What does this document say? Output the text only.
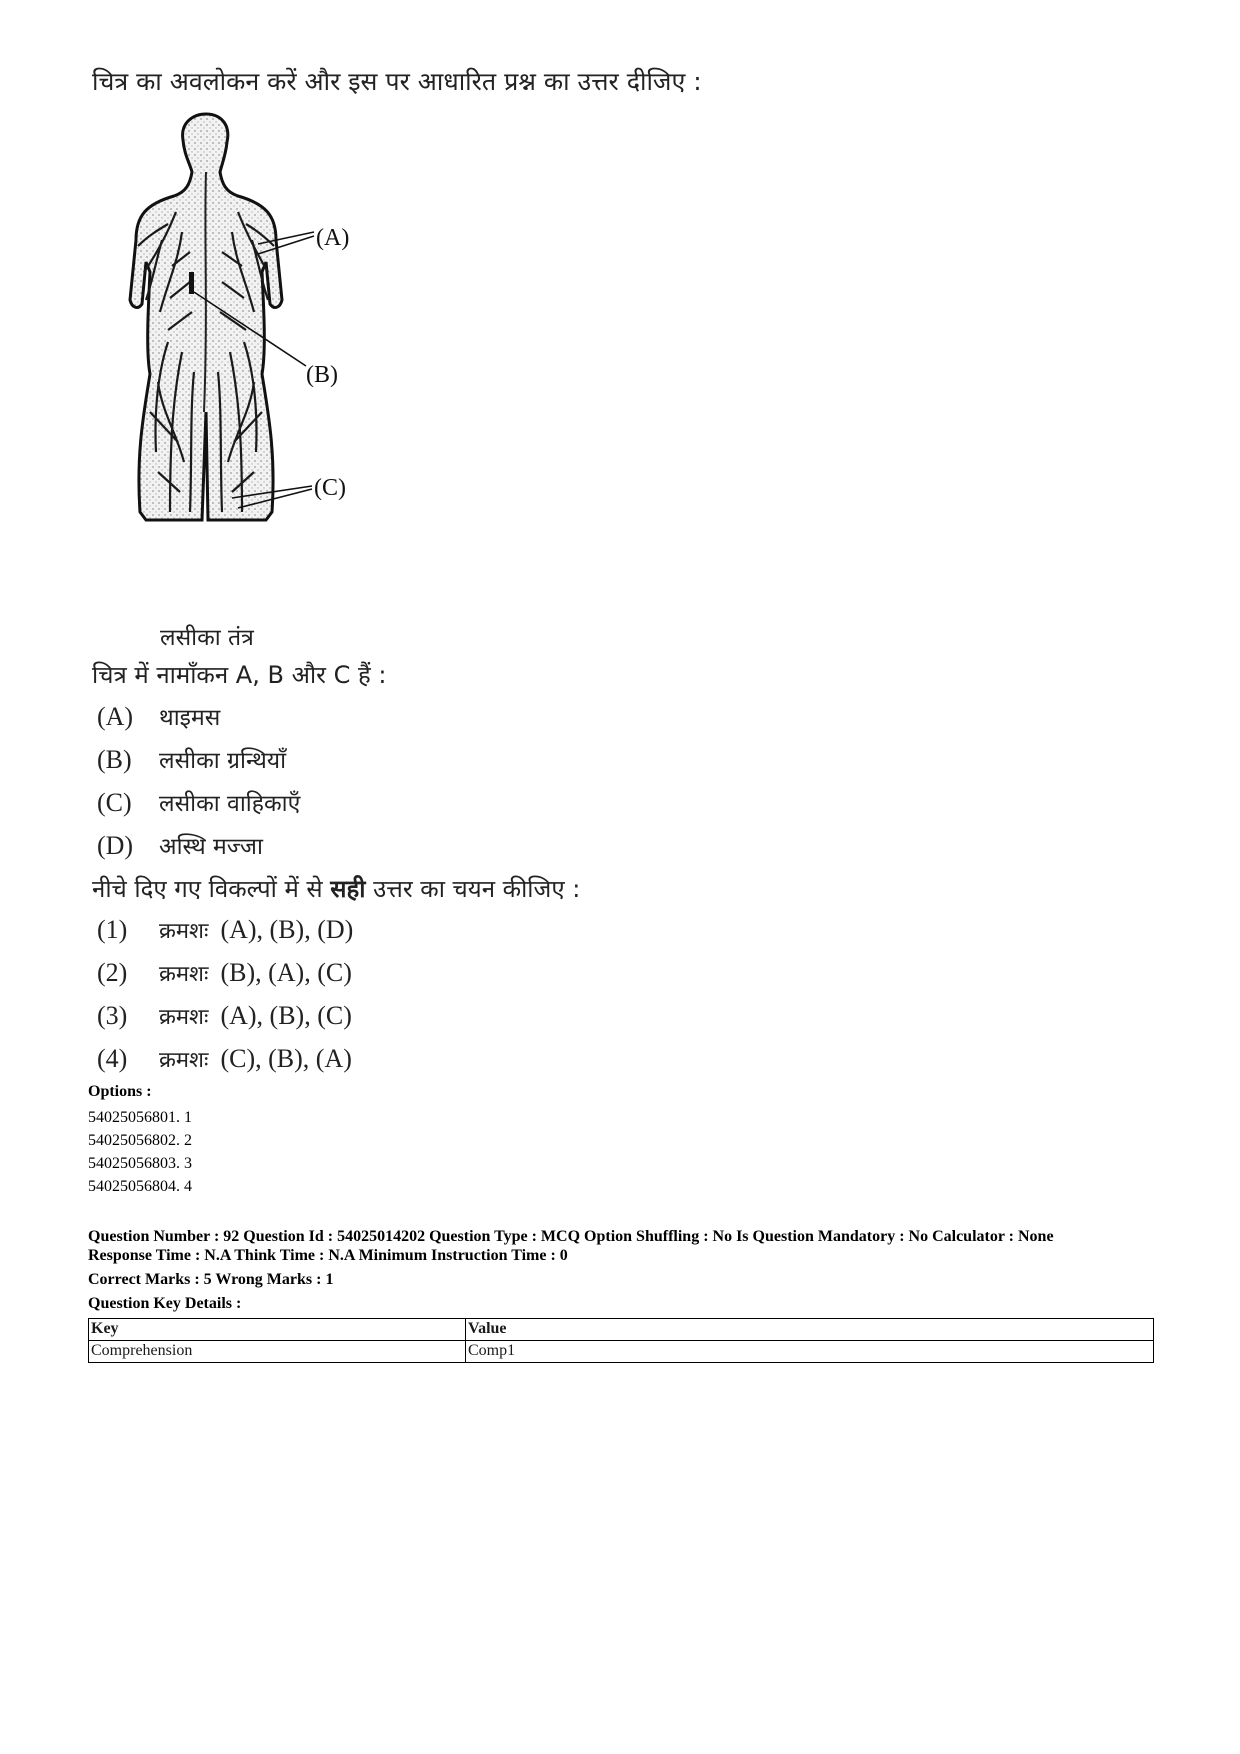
चित्र का अवलोकन करें और इस पर आधारित प्रश्न का उत्तर दीजिए :
(A)
(B)
(C)
लसीका तंत्र
चित्र में नामाँकन A, B और C हैं :
(A) थाइमस
(B) लसीका ग्रन्थियाँ
(C) लसीका वाहिकाएँ
(D) अस्थि मज्जा
नीचे दिए गए विकल्पों में से सही उत्तर का चयन कीजिए :
(1) क्रमशः (A), (B), (D)
(2) क्रमशः (B), (A), (C)
(3) क्रमशः (A), (B), (C)
(4) क्रमशः (C), (B), (A)
Options :
54025056801. 1
54025056802. 2
54025056803. 3
54025056804. 4
Question Number : 92 Question Id : 54025014202 Question Type : MCQ Option Shuffling : No Is Question Mandatory : No Calculator : None
Response Time : N.A Think Time : N.A Minimum Instruction Time : 0
Correct Marks : 5 Wrong Marks : 1
Question Key Details :
Key	Value
Comprehension	Comp1
